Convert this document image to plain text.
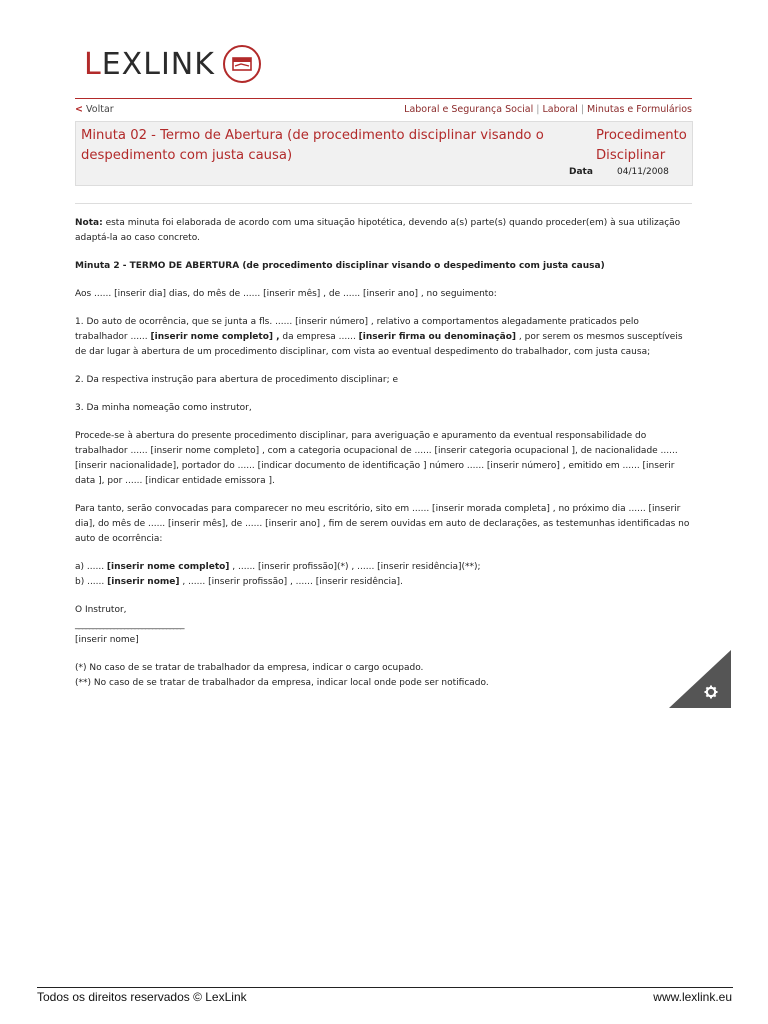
LEXLINK
< Voltar	Laboral e Segurança Social | Laboral | Minutas e Formulários
Minuta 02 - Termo de Abertura (de procedimento disciplinar visando o despedimento com justa causa)
Procedimento Disciplinar
Data	04/11/2008

Nota: esta minuta foi elaborada de acordo com uma situação hipotética, devendo a(s) parte(s) quando proceder(em) à sua utilização adaptá-la ao caso concreto.

Minuta 2 - TERMO DE ABERTURA (de procedimento disciplinar visando o despedimento com justa causa)

Aos ...... [inserir dia] dias, do mês de ...... [inserir mês] , de ...... [inserir ano] , no seguimento:

1. Do auto de ocorrência, que se junta a fls. ...... [inserir número] , relativo a comportamentos alegadamente praticados pelo trabalhador ...... [inserir nome completo] , da empresa ...... [inserir firma ou denominação] , por serem os mesmos susceptíveis de dar lugar à abertura de um procedimento disciplinar, com vista ao eventual despedimento do trabalhador, com justa causa;

2. Da respectiva instrução para abertura de procedimento disciplinar; e

3. Da minha nomeação como instrutor,

Procede-se à abertura do presente procedimento disciplinar, para averiguação e apuramento da eventual responsabilidade do trabalhador ...... [inserir nome completo] , com a categoria ocupacional de ...... [inserir categoria ocupacional ], de nacionalidade ...... [inserir nacionalidade], portador do ...... [indicar documento de identificação ] número ...... [inserir número] , emitido em ...... [inserir data ], por ...... [indicar entidade emissora ].

Para tanto, serão convocadas para comparecer no meu escritório, sito em ...... [inserir morada completa] , no próximo dia ...... [inserir dia], do mês de ...... [inserir mês], de ...... [inserir ano] , fim de serem ouvidas em auto de declarações, as testemunhas identificadas no auto de ocorrência:

a) ...... [inserir nome completo] , ...... [inserir profissão](*) , ...... [inserir residência](**);

b) ...... [inserir nome] , ...... [inserir profissão] , ...... [inserir residência].

O Instrutor,

_______________________________

[inserir nome]

(*) No caso de se tratar de trabalhador da empresa, indicar o cargo ocupado.

(**) No caso de se tratar de trabalhador da empresa, indicar local onde pode ser notificado.

Todos os direitos reservados © LexLink	www.lexlink.eu
